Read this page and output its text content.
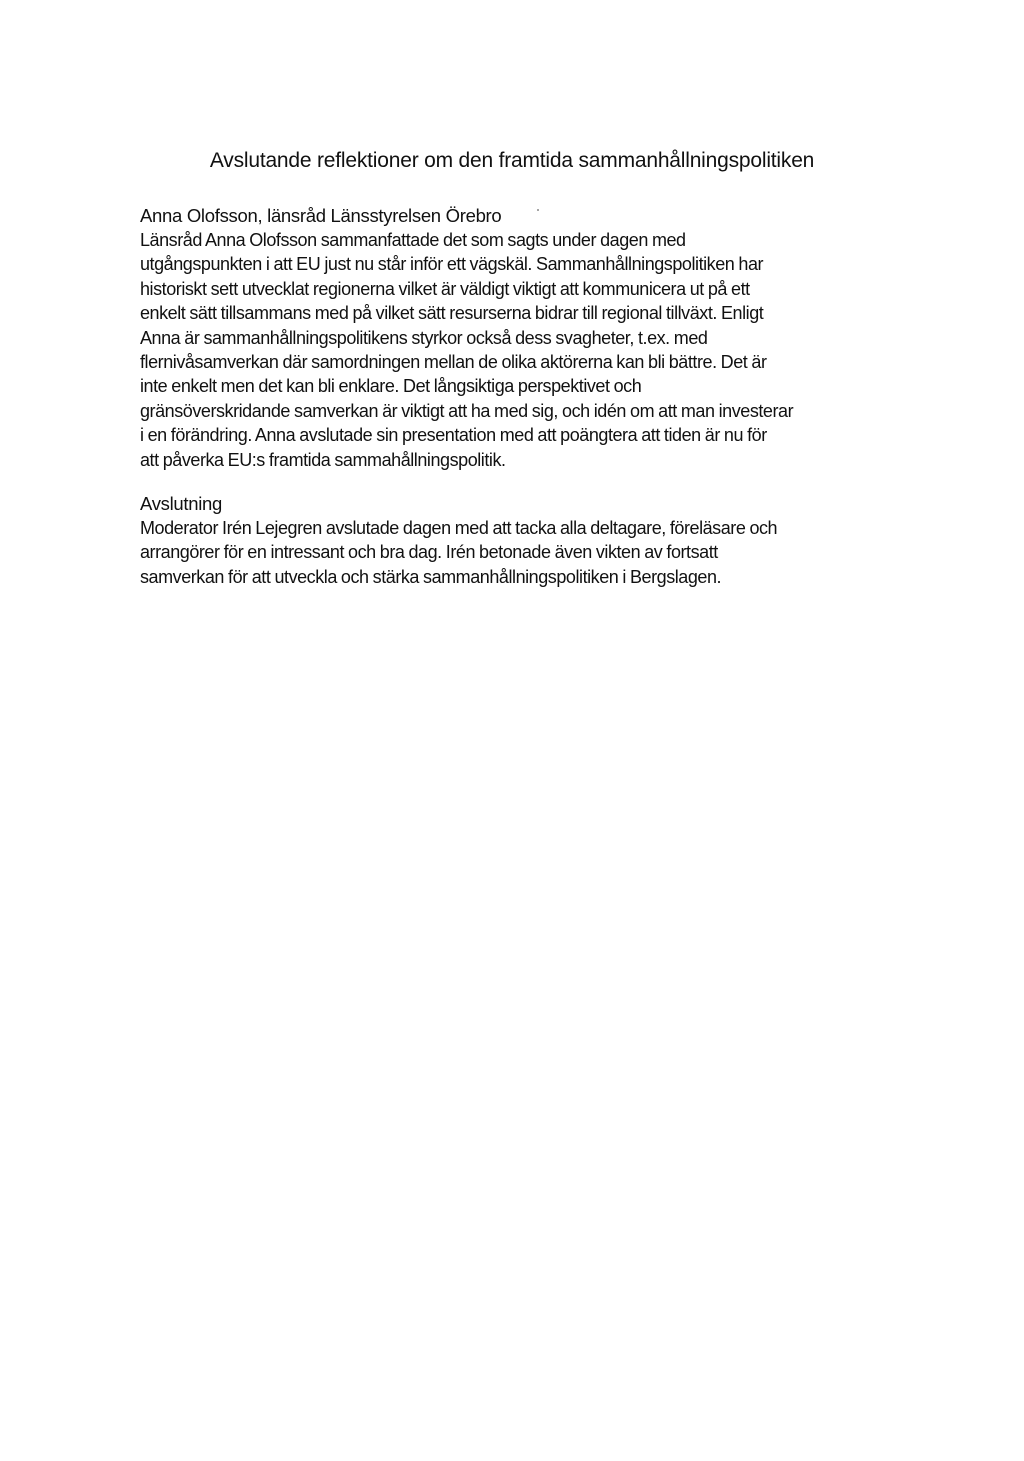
Avslutande reflektioner om den framtida sammanhållningspolitiken
Anna Olofsson, länsråd Länsstyrelsen Örebro

Länsråd Anna Olofsson sammanfattade det som sagts under dagen med
utgångspunkten i att EU just nu står inför ett vägskäl. Sammanhållningspolitiken har
historiskt sett utvecklat regionerna vilket är väldigt viktigt att kommunicera ut på ett
enkelt sätt tillsammans med på vilket sätt resurserna bidrar till regional tillväxt. Enligt
Anna är sammanhållningspolitikens styrkor också dess svagheter, t.ex. med
flernivåsamverkan där samordningen mellan de olika aktörerna kan bli bättre. Det är
inte enkelt men det kan bli enklare. Det långsiktiga perspektivet och
gränsöverskridande samverkan är viktigt att ha med sig, och idén om att man investerar
i en förändring. Anna avslutade sin presentation med att poängtera att tiden är nu för
att påverka EU:s framtida sammahållningspolitik.

Avslutning

Moderator Irén Lejegren avslutade dagen med att tacka alla deltagare, föreläsare och
arrangörer för en intressant och bra dag. Irén betonade även vikten av fortsatt
samverkan för att utveckla och stärka sammanhållningspolitiken i Bergslagen.
